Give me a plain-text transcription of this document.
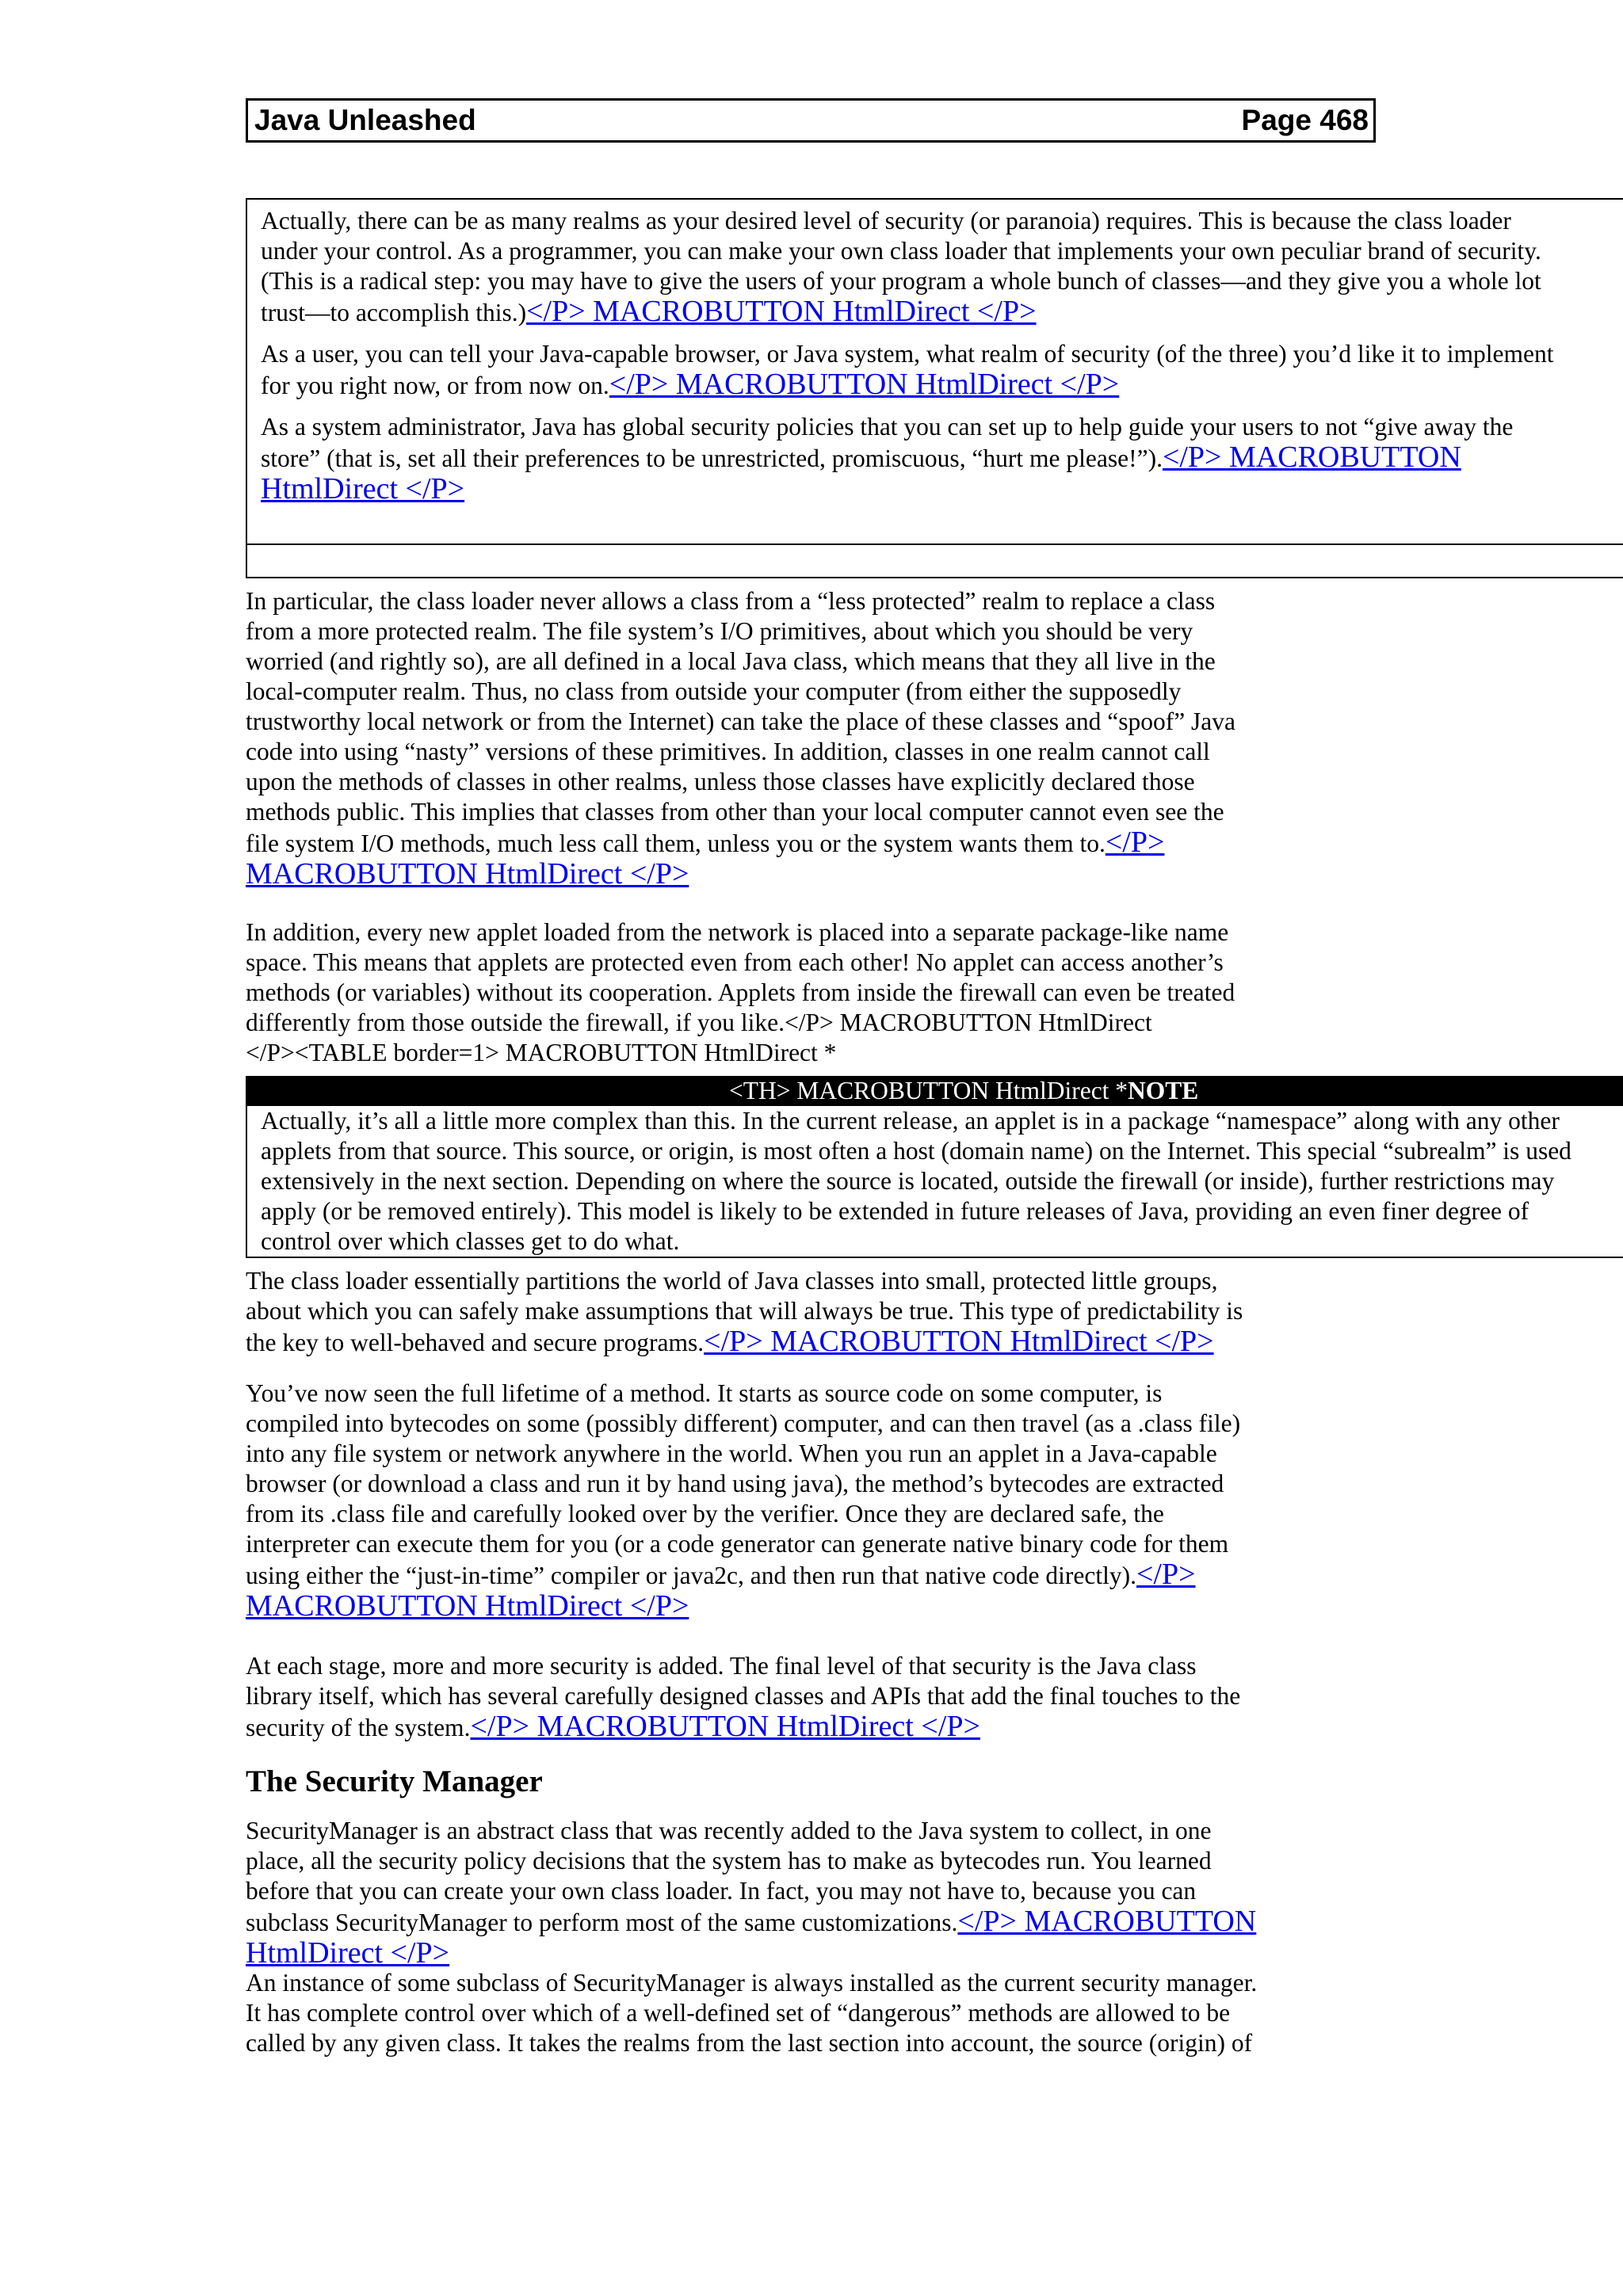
Java Unleashed	Page 468

Actually, there can be as many realms as your desired level of security (or paranoia) requires. This is because the class loader

under your control. As a programmer, you can make your own class loader that implements your own peculiar brand of security.

(This is a radical step: you may have to give the users of your program a whole bunch of classes—and they give you a whole lot

trust—to accomplish this.)</P> MACROBUTTON HtmlDirect </P>

As a user, you can tell your Java-capable browser, or Java system, what realm of security (of the three) you’d like it to implement

for you right now, or from now on.</P> MACROBUTTON HtmlDirect </P>

As a system administrator, Java has global security policies that you can set up to help guide your users to not “give away the

store” (that is, set all their preferences to be unrestricted, promiscuous, “hurt me please!”).</P> MACROBUTTON

HtmlDirect </P>

In particular, the class loader never allows a class from a “less protected” realm to replace a class

from a more protected realm. The file system’s I/O primitives, about which you should be very

worried (and rightly so), are all defined in a local Java class, which means that they all live in the

local-computer realm. Thus, no class from outside your computer (from either the supposedly

trustworthy local network or from the Internet) can take the place of these classes and “spoof” Java

code into using “nasty” versions of these primitives. In addition, classes in one realm cannot call

upon the methods of classes in other realms, unless those classes have explicitly declared those

methods public. This implies that classes from other than your local computer cannot even see the

file system I/O methods, much less call them, unless you or the system wants them to.</P>

MACROBUTTON HtmlDirect </P>

In addition, every new applet loaded from the network is placed into a separate package-like name

space. This means that applets are protected even from each other! No applet can access another’s

methods (or variables) without its cooperation. Applets from inside the firewall can even be treated

differently from those outside the firewall, if you like.</P> MACROBUTTON HtmlDirect

</P><TABLE border=1> MACROBUTTON HtmlDirect *

<TH> MACROBUTTON HtmlDirect *NOTE

Actually, it’s all a little more complex than this. In the current release, an applet is in a package “namespace” along with any other

applets from that source. This source, or origin, is most often a host (domain name) on the Internet. This special “subrealm” is used

extensively in the next section. Depending on where the source is located, outside the firewall (or inside), further restrictions may

apply (or be removed entirely). This model is likely to be extended in future releases of Java, providing an even finer degree of

control over which classes get to do what.

The class loader essentially partitions the world of Java classes into small, protected little groups,

about which you can safely make assumptions that will always be true. This type of predictability is

the key to well-behaved and secure programs.</P> MACROBUTTON HtmlDirect </P>

You’ve now seen the full lifetime of a method. It starts as source code on some computer, is

compiled into bytecodes on some (possibly different) computer, and can then travel (as a .class file)

into any file system or network anywhere in the world. When you run an applet in a Java-capable

browser (or download a class and run it by hand using java), the method’s bytecodes are extracted

from its .class file and carefully looked over by the verifier. Once they are declared safe, the

interpreter can execute them for you (or a code generator can generate native binary code for them

using either the “just-in-time” compiler or java2c, and then run that native code directly).</P>

MACROBUTTON HtmlDirect </P>

At each stage, more and more security is added. The final level of that security is the Java class

library itself, which has several carefully designed classes and APIs that add the final touches to the

security of the system.</P> MACROBUTTON HtmlDirect </P>

The Security Manager

SecurityManager is an abstract class that was recently added to the Java system to collect, in one

place, all the security policy decisions that the system has to make as bytecodes run. You learned

before that you can create your own class loader. In fact, you may not have to, because you can

subclass SecurityManager to perform most of the same customizations.</P> MACROBUTTON

HtmlDirect </P>

An instance of some subclass of SecurityManager is always installed as the current security manager.

It has complete control over which of a well-defined set of “dangerous” methods are allowed to be

called by any given class. It takes the realms from the last section into account, the source (origin) of
